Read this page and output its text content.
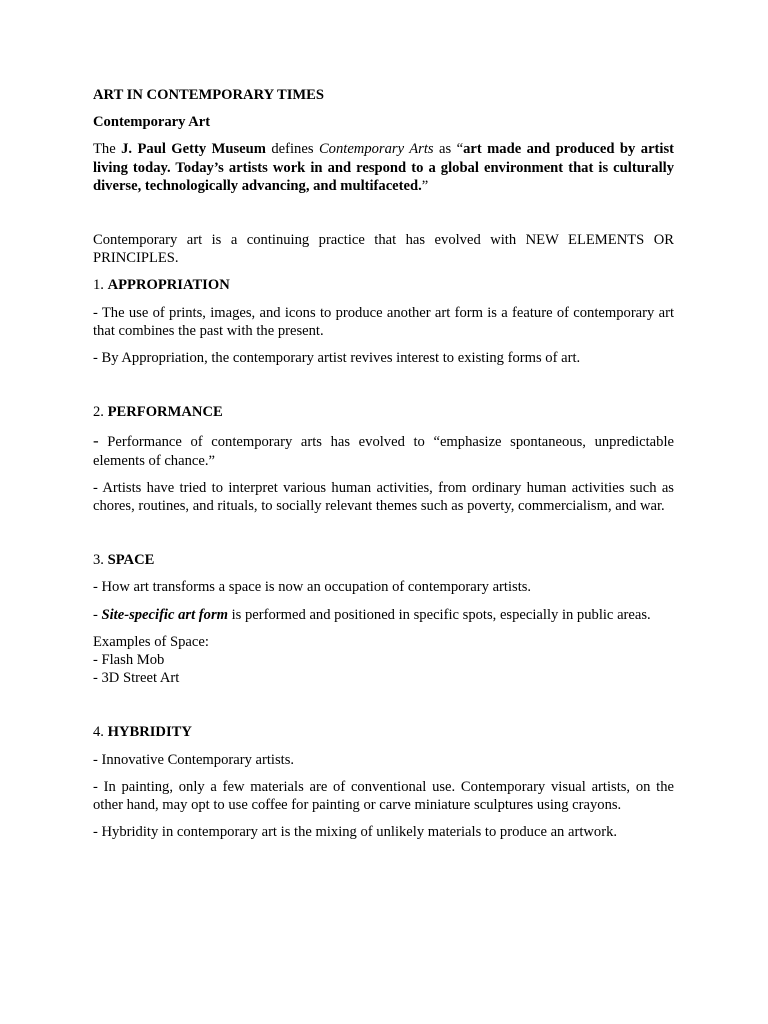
ART IN CONTEMPORARY TIMES

Contemporary Art

The J. Paul Getty Museum defines Contemporary Arts as “art made and produced by artist living today. Today’s artists work in and respond to a global environment that is culturally diverse, technologically advancing, and multifaceted.”

Contemporary art is a continuing practice that has evolved with NEW ELEMENTS OR PRINCIPLES.

1. APPROPRIATION

- The use of prints, images, and icons to produce another art form is a feature of contemporary art that combines the past with the present.

- By Appropriation, the contemporary artist revives interest to existing forms of art.

2. PERFORMANCE

- Performance of contemporary arts has evolved to “emphasize spontaneous, unpredictable elements of chance.”

- Artists have tried to interpret various human activities, from ordinary human activities such as chores, routines, and rituals, to socially relevant themes such as poverty, commercialism, and war.

3. SPACE

- How art transforms a space is now an occupation of contemporary artists.

- Site-specific art form is performed and positioned in specific spots, especially in public areas.

Examples of Space:
- Flash Mob
- 3D Street Art

4. HYBRIDITY

- Innovative Contemporary artists.

- In painting, only a few materials are of conventional use. Contemporary visual artists, on the other hand, may opt to use coffee for painting or carve miniature sculptures using crayons.

- Hybridity in contemporary art is the mixing of unlikely materials to produce an artwork.
